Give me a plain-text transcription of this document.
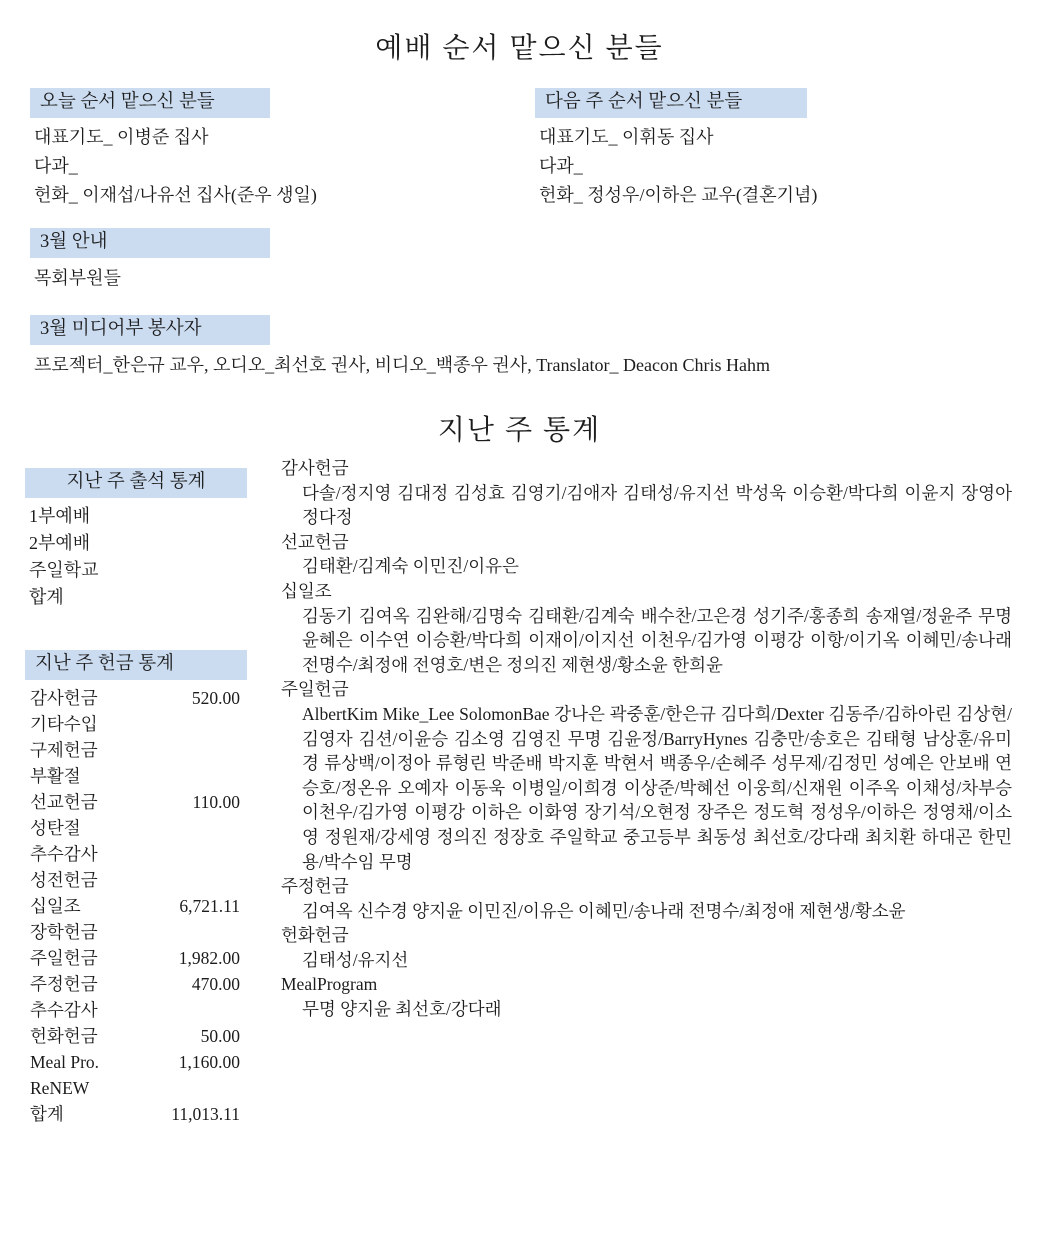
예배 순서 맡으신 분들
오늘 순서 맡으신 분들
대표기도_ 이병준 집사
다과_
헌화_ 이재섭/나유선 집사(준우 생일)
다음 주 순서 맡으신 분들
대표기도_ 이휘동 집사
다과_
헌화_ 정성우/이하은 교우(결혼기념)
3월 안내
목회부원들
3월 미디어부 봉사자
프로젝터_한은규 교우, 오디오_최선호 권사, 비디오_백종우 권사, Translator_ Deacon Chris Hahm
지난 주 통계
지난 주 출석 통계
1부예배
2부예배
주일학교
합계
지난 주 헌금 통계
감사헌금	520.00
기타수입
구제헌금
부활절
선교헌금	110.00
성탄절
추수감사
성전헌금
십일조	6,721.11
장학헌금
주일헌금	1,982.00
주정헌금	470.00
추수감사
헌화헌금	50.00
Meal Pro.	1,160.00
ReNEW
합계	11,013.11
감사헌금
다솔/정지영 김대정 김성효 김영기/김애자 김태성/유지선 박성욱 이승환/박다희 이윤지 장영아 정다정
선교헌금
김태환/김계숙 이민진/이유은
십일조
김동기 김여옥 김완해/김명숙 김태환/김계숙 배수찬/고은경 성기주/홍종희 송재열/정윤주 무명 윤혜은 이수연 이승환/박다희 이재이/이지선 이천우/김가영 이평강 이항/이기옥 이혜민/송나래 전명수/최정애 전영호/변은 정의진 제현생/황소윤 한희윤
주일헌금
AlbertKim Mike_Lee SolomonBae 강나은 곽중훈/한은규 김다희/Dexter 김동주/김하아린 김상현/김영자 김션/이윤승 김소영 김영진 무명 김윤정/BarryHynes 김충만/송호은 김태형 남상훈/유미경 류상백/이정아 류형린 박준배 박지훈 박현서 백종우/손혜주 성무제/김정민 성예은 안보배 연승호/정온유 오예자 이동욱 이병일/이희경 이상준/박혜선 이웅희/신재원 이주옥 이채성/차부승 이천우/김가영 이평강 이하은 이화영 장기석/오현정 장주은 정도혁 정성우/이하은 정영채/이소영 정원재/강세영 정의진 정장호 주일학교 중고등부 최동성 최선호/강다래 최치환 하대곤 한민용/박수임 무명
주정헌금
김여옥 신수경 양지윤 이민진/이유은 이혜민/송나래 전명수/최정애 제현생/황소윤
헌화헌금
김태성/유지선
MealProgram
무명 양지윤 최선호/강다래
